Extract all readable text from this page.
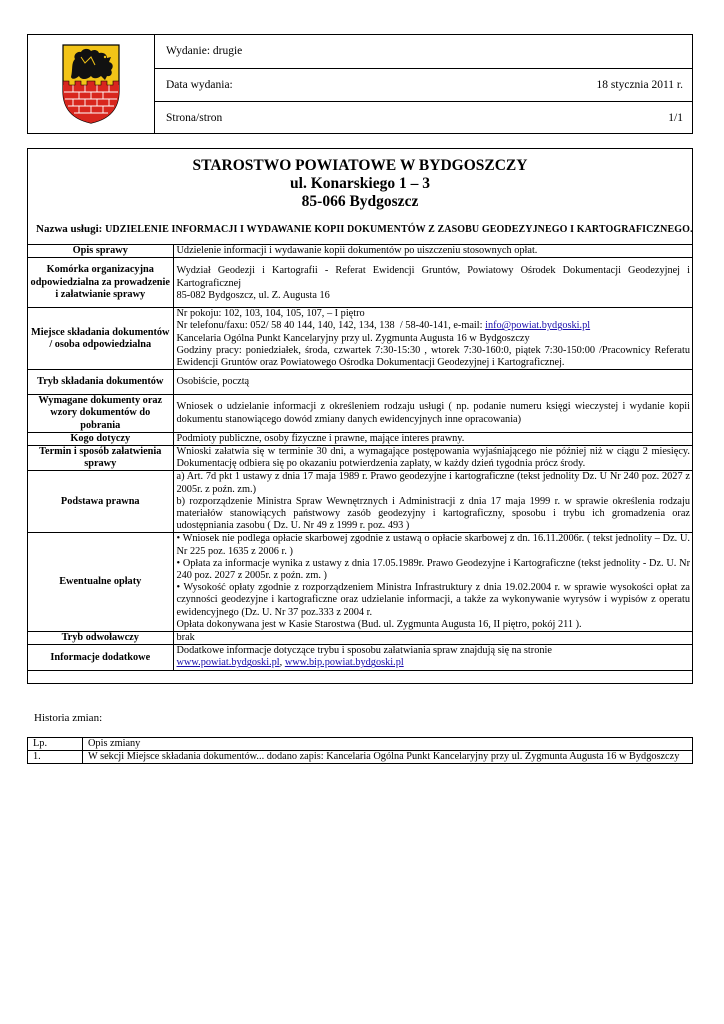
Wydanie: drugie
Data wydania:	18 stycznia 2011 r.
Strona/stron	1/1
STAROSTWO POWIATOWE W BYDGOSZCZY
ul. Konarskiego 1 – 3
85-066 Bydgoszcz
Nazwa usługi: UDZIELENIE INFORMACJI I WYDAWANIE KOPII DOKUMENTÓW Z ZASOBU GEODEZYJNEGO I KARTOGRAFICZNEGO.
Opis sprawy	Udzielenie informacji i wydawanie kopii dokumentów po uiszczeniu stosownych opłat.
Komórka organizacyjna odpowiedzialna za prowadzenie i załatwianie sprawy	Wydział Geodezji i Kartografii - Referat Ewidencji Gruntów, Powiatowy Ośrodek Dokumentacji Geodezyjnej i Kartograficznej
85-082 Bydgoszcz, ul. Z. Augusta 16

Miejsce składania dokumentów / osoba odpowiedzialna	Nr pokoju: 102, 103, 104, 105, 107, – I piętro
Nr telefonu/faxu: 052/ 58 40 144, 140, 142, 134, 138  / 58-40-141, e-mail: info@powiat.bydgoski.pl
Kancelaria Ogólna Punkt Kancelaryjny przy ul. Zygmunta Augusta 16 w Bydgoszczy
Godziny pracy: poniedziałek, środa, czwartek 7:30-15:30 , wtorek 7:30-160:0, piątek 7:30-150:00 /Pracownicy Referatu Ewidencji Gruntów oraz Powiatowego Ośrodka Dokumentacji Geodezyjnej i Kartograficznej.

Tryb składania dokumentów	Osobiście, pocztą
Wymagane dokumenty oraz wzory dokumentów do pobrania	Wniosek o udzielanie informacji z określeniem rodzaju usługi ( np. podanie numeru księgi wieczystej i wydanie kopii dokumentu stanowiącego dowód zmiany danych ewidencyjnych inne opracowania)
Kogo dotyczy	Podmioty publiczne, osoby fizyczne i prawne, mające interes prawny.
Termin i sposób załatwienia sprawy	Wnioski załatwia się w terminie 30 dni, a wymagające postępowania wyjaśniającego nie później niż w ciągu 2 miesięcy. Dokumentację odbiera się po okazaniu potwierdzenia zapłaty, w każdy dzień tygodnia prócz środy.
Podstawa prawna	a) Art. 7d pkt 1 ustawy z dnia 17 maja 1989 r. Prawo geodezyjne i kartograficzne (tekst jednolity Dz. U Nr 240 poz. 2027 z 2005r. z poźn. zm.)
b) rozporządzenie Ministra Spraw Wewnętrznych i Administracji z dnia 17 maja 1999 r. w sprawie określenia rodzaju materiałów stanowiących państwowy zasób geodezyjny i kartograficzny, sposobu i trybu ich gromadzenia oraz udostępniania zasobu ( Dz. U. Nr 49 z 1999 r. poz. 493 )

Ewentualne opłaty	• Wniosek nie podlega opłacie skarbowej zgodnie z ustawą o opłacie skarbowej z dn. 16.11.2006r. ( tekst jednolity – Dz. U. Nr 225 poz. 1635 z 2006 r. )
• Opłata za informacje wynika z ustawy z dnia 17.05.1989r. Prawo Geodezyjne i Kartograficzne (tekst jednolity - Dz. U. Nr 240 poz. 2027 z 2005r. z poźn. zm. )
• Wysokość opłaty zgodnie z rozporządzeniem Ministra Infrastruktury z dnia 19.02.2004 r. w sprawie wysokości opłat za czynności geodezyjne i kartograficzne oraz udzielanie informacji, a także za wykonywanie wyrysów i wypisów z operatu ewidencyjnego (Dz. U. Nr 37 poz.333 z 2004 r.
Opłata dokonywana jest w Kasie Starostwa (Bud. ul. Zygmunta Augusta 16, II piętro, pokój 211 ).

Tryb odwoławczy	brak
Informacje dodatkowe	Dodatkowe informacje dotyczące trybu i sposobu załatwiania spraw znajdują się na stronie
www.powiat.bydgoski.pl, www.bip.powiat.bydgoski.pl
Historia zmian:
Lp.	Opis zmiany
1.	W sekcji Miejsce składania dokumentów... dodano zapis: Kancelaria Ogólna Punkt Kancelaryjny przy ul. Zygmunta Augusta 16 w Bydgoszczy
